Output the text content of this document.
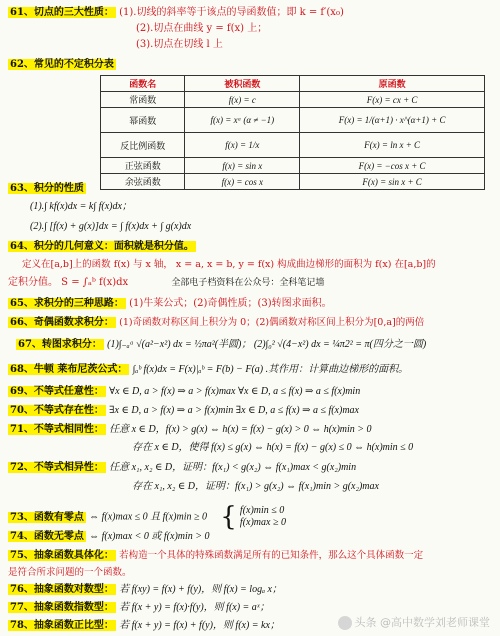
61、切点的三大性质： (1).切线的斜率等于该点的导函数值；即 k = f′(x₀)
(2).切点在曲线 y = f(x) 上；
(3).切点在切线 l 上
62、常见的不定积分表
函数名	被积函数	原函数
常函数	f(x) = c	F(x) = cx + C
幂函数	f(x) = xᵃ (α ≠ −1)	F(x) = 1/(α+1) · x^(α+1) + C
反比例函数	f(x) = 1/x	F(x) = ln x + C
正弦函数	f(x) = sin x	F(x) = −cos x + C
余弦函数	f(x) = cos x	F(x) = sin x + C
63、积分的性质
(1).∫ kf(x)dx = k∫ f(x)dx；
(2).∫ [f(x) + g(x)]dx = ∫ f(x)dx + ∫ g(x)dx
64、积分的几何意义：面积就是积分值。
定义在[a,b]上的函数 f(x) 与 x 轴， x = a, x = b, y = f(x) 构成曲边梯形的面积为 f(x) 在[a,b]的
定积分值。 S = ∫ₐᵇ f(x)dx	全部电子档资料在公众号：全科笔记墙
65、求积分的三种思路： (1)牛莱公式；(2)奇偶性质；(3)转图求面积。
66、奇偶函数求积分： (1)奇函数对称区间上积分为 0；(2)偶函数对称区间上积分为[0,a]的两倍
67、转图求积分： (1)∫₋ₐᵃ √(a²−x²) dx = ½πa²(半圆)； (2)∫₀² √(4−x²) dx = ¼π2² = π(四分之一圆)
68、牛顿 莱布尼茨公式： ∫ₐᵇ f(x)dx = F(x)|ₐᵇ = F(b) − F(a) .其作用：计算曲边梯形的面积。
69、不等式任意性： ∀x ∈ D, a > f(x) ⇒ a > f(x)max ∀x ∈ D, a ≤ f(x) ⇒ a ≤ f(x)min
70、不等式存在性： ∃x ∈ D, a > f(x) ⇒ a > f(x)min ∃x ∈ D, a ≤ f(x) ⇒ a ≤ f(x)max
71、不等式相同性： 任意 x ∈ D，f(x) > g(x) ⇔ h(x) = f(x) − g(x) > 0 ⇔ h(x)min > 0
存在 x ∈ D，使得 f(x) ≤ g(x) ⇔ h(x) = f(x) − g(x) ≤ 0 ⇔ h(x)min ≤ 0
72、不等式相异性： 任意 x₁, x₂ ∈ D，证明：f(x₁) < g(x₂) ⇔ f(x₁)max < g(x₂)min
存在 x₁, x₂ ∈ D，证明：f(x₁) > g(x₂) ⇔ f(x₁)min > g(x₂)max
73、函数有零点 ⇔ f(x)max ≤ 0 且 f(x)min ≥ 0 { f(x)min ≤ 0
f(x)max ≥ 0
74、函数无零点 ⇔ f(x)max < 0 或 f(x)min > 0
75、抽象函数具体化： 若构造一个具体的特殊函数满足所有的已知条件，那么这个具体函数一定
是符合所求问题的一个函数。
76、抽象函数对数型： 若 f(xy) = f(x) + f(y)，则 f(x) = logₐ x；
77、抽象函数指数型： 若 f(x + y) = f(x)·f(y)，则 f(x) = aˣ；
78、抽象函数正比型： 若 f(x + y) = f(x) + f(y)，则 f(x) = kx；	头条 @高中数学刘老师课堂
